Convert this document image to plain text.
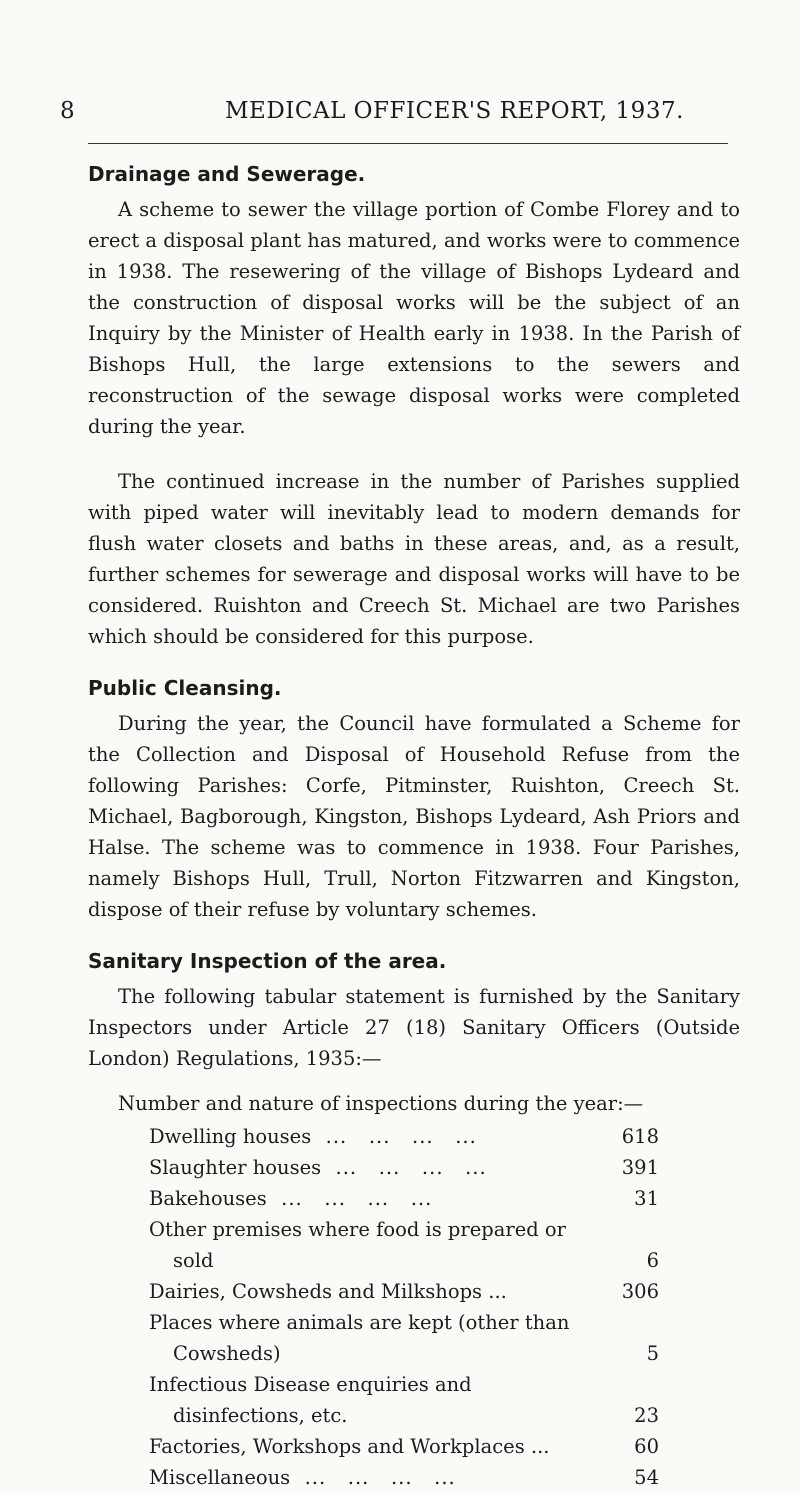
8	MEDICAL OFFICER'S REPORT, 1937.
Drainage and Sewerage.

A scheme to sewer the village portion of Combe Florey and to erect a disposal plant has matured, and works were to commence in 1938. The resewering of the village of Bishops Lydeard and the construction of disposal works will be the subject of an Inquiry by the Minister of Health early in 1938. In the Parish of Bishops Hull, the large extensions to the sewers and reconstruction of the sewage disposal works were completed during the year.

The continued increase in the number of Parishes supplied with piped water will inevitably lead to modern demands for flush water closets and baths in these areas, and, as a result, further schemes for sewerage and disposal works will have to be considered. Ruishton and Creech St. Michael are two Parishes which should be considered for this purpose.

Public Cleansing.

During the year, the Council have formulated a Scheme for the Collection and Disposal of Household Refuse from the following Parishes: Corfe, Pitminster, Ruishton, Creech St. Michael, Bagborough, Kingston, Bishops Lydeard, Ash Priors and Halse. The scheme was to commence in 1938. Four Parishes, namely Bishops Hull, Trull, Norton Fitzwarren and Kingston, dispose of their refuse by voluntary schemes.

Sanitary Inspection of the area.

The following tabular statement is furnished by the Sanitary Inspectors under Article 27 (18) Sanitary Officers (Outside London) Regulations, 1935:—

Number and nature of inspections during the year:—
Dwelling houses ...	618
Slaughter houses ...	391
Bakehouses ...	31
Other premises where food is prepared or sold	6
Dairies, Cowsheds and Milkshops ...	306
Places where animals are kept (other than Cowsheds)	5
Infectious Disease enquiries and disinfections, etc.	23
Factories, Workshops and Workplaces ...	60
Miscellaneous ...	54
